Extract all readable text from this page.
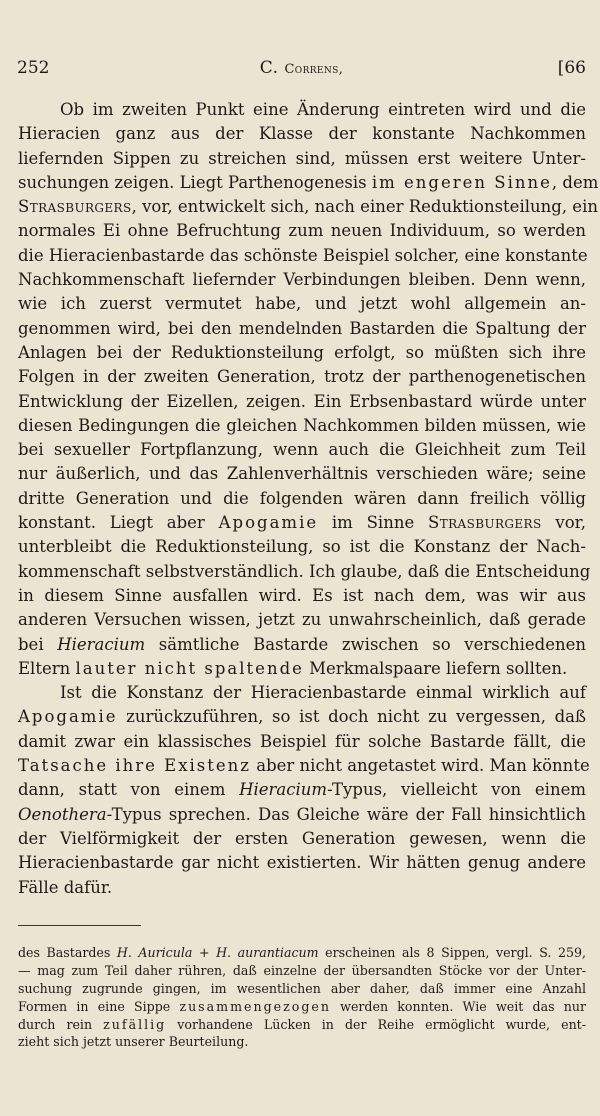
252	C. Correns,	[66
Ob im zweiten Punkt eine Änderung eintreten wird und die
Hieracien ganz aus der Klasse der konstante Nachkommen
liefernden Sippen zu streichen sind, müssen erst weitere Unter-
suchungen zeigen. Liegt Parthenogenesis im engeren Sinne, dem
Strasburgers, vor, entwickelt sich, nach einer Reduktionsteilung, ein
normales Ei ohne Befruchtung zum neuen Individuum, so werden
die Hieracienbastarde das schönste Beispiel solcher, eine konstante
Nachkommenschaft liefernder Verbindungen bleiben. Denn wenn,
wie ich zuerst vermutet habe, und jetzt wohl allgemein an-
genommen wird, bei den mendelnden Bastarden die Spaltung der
Anlagen bei der Reduktionsteilung erfolgt, so müßten sich ihre
Folgen in der zweiten Generation, trotz der parthenogenetischen
Entwicklung der Eizellen, zeigen. Ein Erbsenbastard würde unter
diesen Bedingungen die gleichen Nachkommen bilden müssen, wie
bei sexueller Fortpflanzung, wenn auch die Gleichheit zum Teil
nur äußerlich, und das Zahlenverhältnis verschieden wäre; seine
dritte Generation und die folgenden wären dann freilich völlig
konstant. Liegt aber Apogamie im Sinne Strasburgers vor,
unterbleibt die Reduktionsteilung, so ist die Konstanz der Nach-
kommenschaft selbstverständlich. Ich glaube, daß die Entscheidung
in diesem Sinne ausfallen wird. Es ist nach dem, was wir aus
anderen Versuchen wissen, jetzt zu unwahrscheinlich, daß gerade
bei Hieracium sämtliche Bastarde zwischen so verschiedenen
Eltern lauter nicht spaltende Merkmalspaare liefern sollten.
Ist die Konstanz der Hieracienbastarde einmal wirklich auf
Apogamie zurückzuführen, so ist doch nicht zu vergessen, daß
damit zwar ein klassisches Beispiel für solche Bastarde fällt, die
Tatsache ihre Existenz aber nicht angetastet wird. Man könnte
dann, statt von einem Hieracium-Typus, vielleicht von einem
Oenothera-Typus sprechen. Das Gleiche wäre der Fall hinsichtlich
der Vielförmigkeit der ersten Generation gewesen, wenn die
Hieracienbastarde gar nicht existierten. Wir hätten genug andere
Fälle dafür.
des Bastardes H. Auricula + H. aurantiacum erscheinen als 8 Sippen, vergl. S. 259,
— mag zum Teil daher rühren, daß einzelne der übersandten Stöcke vor der Unter-
suchung zugrunde gingen, im wesentlichen aber daher, daß immer eine Anzahl
Formen in eine Sippe zusammengezogen werden konnten. Wie weit das nur
durch rein zufällig vorhandene Lücken in der Reihe ermöglicht wurde, ent-
zieht sich jetzt unserer Beurteilung.
